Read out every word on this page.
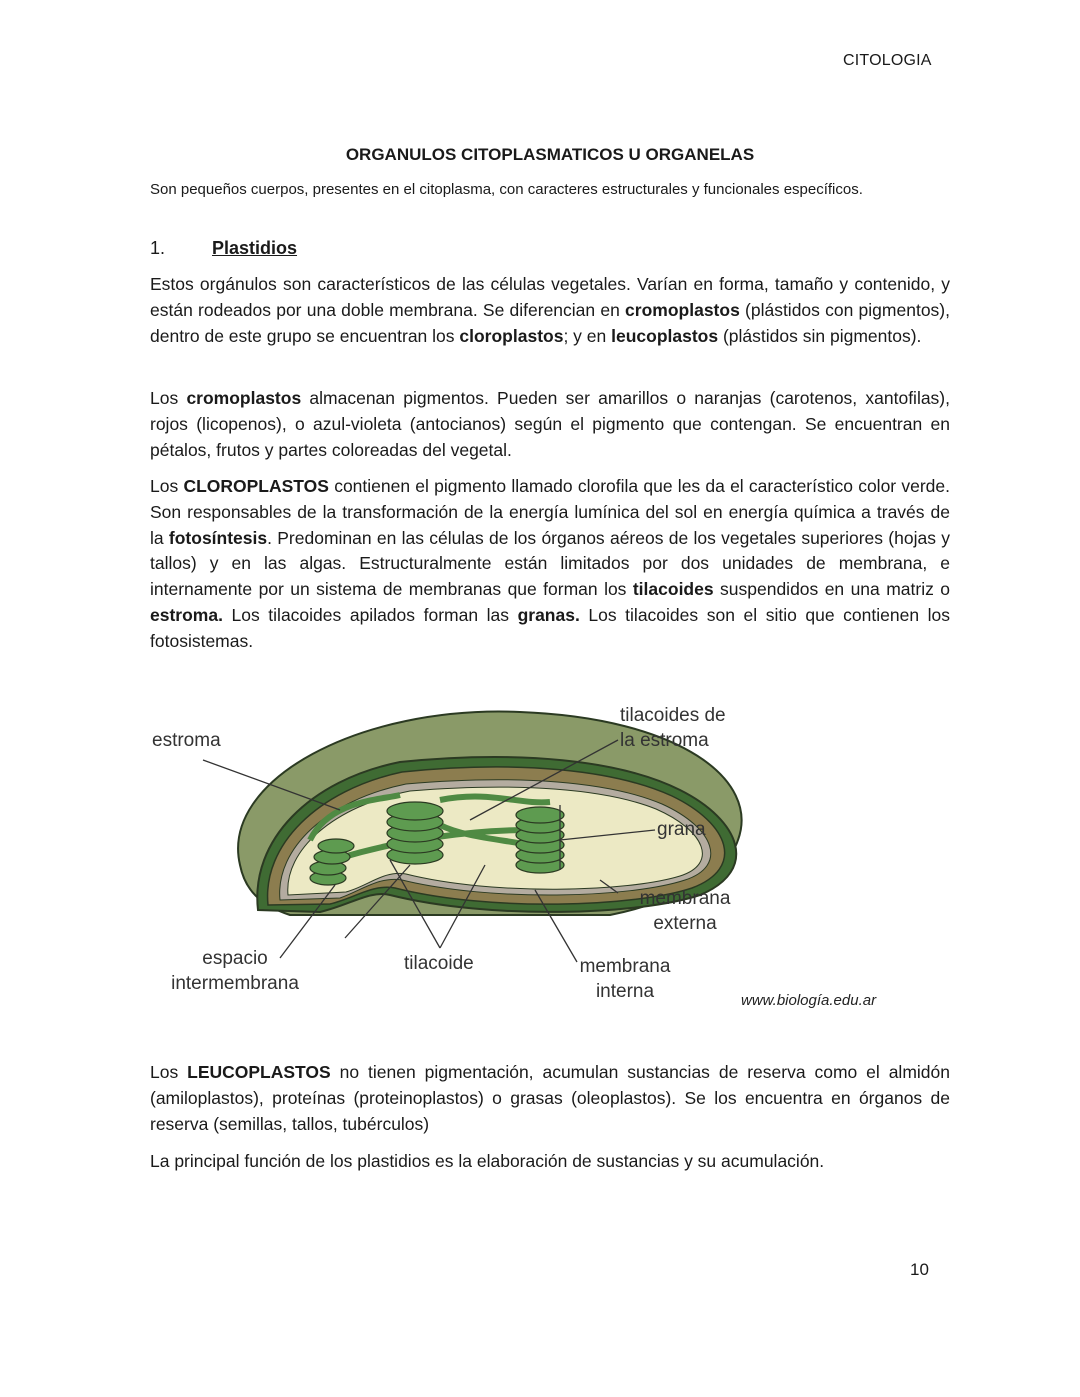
CITOLOGIA
ORGANULOS CITOPLASMATICOS U ORGANELAS
Son pequeños cuerpos, presentes en el citoplasma, con caracteres estructurales y funcionales específicos.
1.	Plastidios
Estos orgánulos son característicos de las células vegetales. Varían en forma, tamaño y contenido, y están rodeados por una doble membrana. Se diferencian en cromoplastos (plástidos con pigmentos), dentro de este grupo se encuentran los cloroplastos; y en leucoplastos (plástidos sin pigmentos).
Los cromoplastos almacenan pigmentos. Pueden ser amarillos o naranjas (carotenos, xantofilas), rojos (licopenos), o azul-violeta (antocianos) según el pigmento que contengan. Se encuentran en pétalos, frutos y partes coloreadas del vegetal.
Los CLOROPLASTOS contienen el pigmento llamado clorofila que les da el característico color verde. Son responsables de la transformación de la energía lumínica del sol en energía química a través de la fotosíntesis. Predominan en las células de los órganos aéreos de los vegetales superiores (hojas y tallos) y en las algas. Estructuralmente están limitados por dos unidades de membrana, e internamente por un sistema de membranas que forman los tilacoides suspendidos en una matriz o estroma. Los tilacoides apilados forman las granas. Los tilacoides son el sitio que contienen los fotosistemas.
estroma
tilacoides de
la estroma
grana
membrana
externa
membrana
interna
tilacoide
espacio
intermembrana
www.biología.edu.ar
Los LEUCOPLASTOS no tienen pigmentación, acumulan sustancias de reserva como el almidón (amiloplastos), proteínas (proteinoplastos) o grasas (oleoplastos). Se los encuentra en órganos de reserva (semillas, tallos, tubérculos)
La principal función de los plastidios es la elaboración de sustancias y su acumulación.
10
